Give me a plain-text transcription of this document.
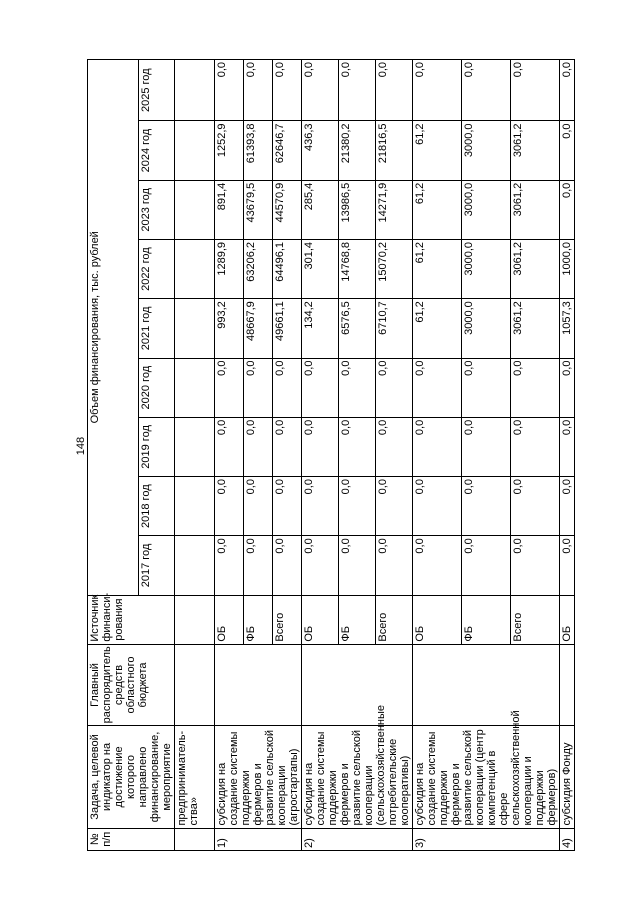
148
№ п/п	Задача, целевой индикатор на достижение которого направлено финансирование, мероприятие	Главный распорядитель средств областного бюджета	Источник финанси-рования	Объем финансирования, тыс. рублей								
				2017 год	2018 год	2019 год	2020 год	2021 год	2022 год	2023 год	2024 год	2025 год
	предприниматель-ства»											
1)	субсидия на создание системы поддержки фермеров и развитие сельской кооперации (агростартапы)		ОБ	0,0	0,0	0,0	0,0	993,2	1289,9	891,4	1252,9	0,0
			ФБ	0,0	0,0	0,0	0,0	48667,9	63206,2	43679,5	61393,8	0,0
			Всего	0,0	0,0	0,0	0,0	49661,1	64496,1	44570,9	62646,7	0,0
2)	субсидия на создание системы поддержки фермеров и развитие сельской кооперации (сельскохозяйственные потребительские кооперативы)		ОБ	0,0	0,0	0,0	0,0	134,2	301,4	285,4	436,3	0,0
			ФБ	0,0	0,0	0,0	0,0	6576,5	14768,8	13986,5	21380,2	0,0
			Всего	0,0	0,0	0,0	0,0	6710,7	15070,2	14271,9	21816,5	0,0
3)	субсидия на создание системы поддержки фермеров и развитие сельской кооперации (центр компетенций в сфере сельскохозяйственной кооперации и поддержки фермеров)		ОБ	0,0	0,0	0,0	0,0	61,2	61,2	61,2	61,2	0,0
			ФБ	0,0	0,0	0,0	0,0	3000,0	3000,0	3000,0	3000,0	0,0
			Всего	0,0	0,0	0,0	0,0	3061,2	3061,2	3061,2	3061,2	0,0
4)	субсидия Фонду		ОБ	0,0	0,0	0,0	0,0	1057,3	1000,0	0,0	0,0	0,0
